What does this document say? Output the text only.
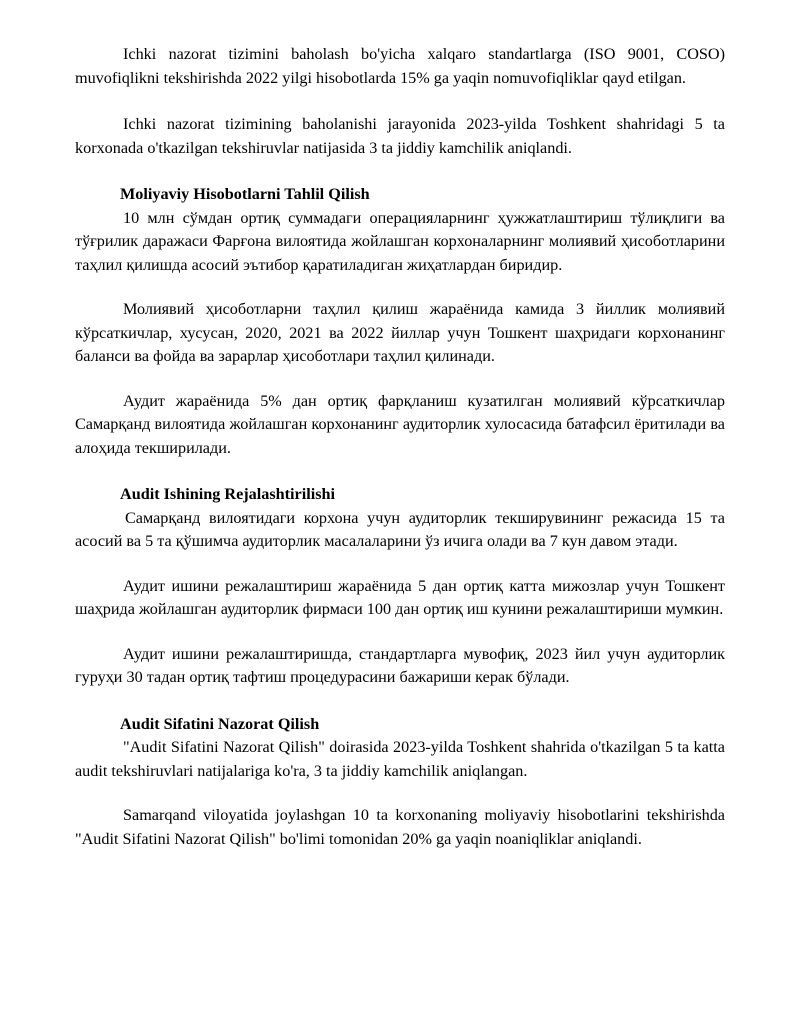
Ichki nazorat tizimini baholash bo'yicha xalqaro standartlarga (ISO 9001, COSO) muvofiqlikni tekshirishda 2022 yilgi hisobotlarda 15% ga yaqin nomuvofiqliklar qayd etilgan.

Ichki nazorat tizimining baholanishi jarayonida 2023-yilda Toshkent shahridagi 5 ta korxonada o'tkazilgan tekshiruvlar natijasida 3 ta jiddiy kamchilik aniqlandi.

Moliyaviy Hisobotlarni Tahlil Qilish

10 млн сўмдан ортиқ суммадаги операцияларнинг ҳужжатлаштириш тўлиқлиги ва тўғрилик даражаси Фарғона вилоятида жойлашган корхоналарнинг молиявий ҳисоботларини таҳлил қилишда асосий эътибор қаратиладиган жиҳатлардан биридир.

Молиявий ҳисоботларни таҳлил қилиш жараёнида камида 3 йиллик молиявий кўрсаткичлар, хусусан, 2020, 2021 ва 2022 йиллар учун Тошкент шаҳридаги корхонанинг баланси ва фойда ва зарарлар ҳисоботлари таҳлил қилинади.

Аудит жараёнида 5% дан ортиқ фарқланиш кузатилган молиявий кўрсаткичлар Самарқанд вилоятида жойлашган корхонанинг аудиторлик хулосасида батафсил ёритилади ва алоҳида текширилади.

Audit Ishining Rejalashtirilishi

Самарқанд вилоятидаги корхона учун аудиторлик текширувининг режасида 15 та асосий ва 5 та қўшимча аудиторлик масалаларини ўз ичига олади ва 7 кун давом этади.

Аудит ишини режалаштириш жараёнида 5 дан ортиқ катта мижозлар учун Тошкент шаҳрида жойлашган аудиторлик фирмаси 100 дан ортиқ иш кунини режалаштириши мумкин.

Аудит ишини режалаштиришда, стандартларга мувофиқ, 2023 йил учун аудиторлик гуруҳи 30 тадан ортиқ тафтиш процедурасини бажариши керак бўлади.

Audit Sifatini Nazorat Qilish

"Audit Sifatini Nazorat Qilish" doirasida 2023-yilda Toshkent shahrida o'tkazilgan 5 ta katta audit tekshiruvlari natijalariga ko'ra, 3 ta jiddiy kamchilik aniqlangan.

Samarqand viloyatida joylashgan 10 ta korxonaning moliyaviy hisobotlarini tekshirishda "Audit Sifatini Nazorat Qilish" bo'limi tomonidan 20% ga yaqin noaniqliklar aniqlandi.
